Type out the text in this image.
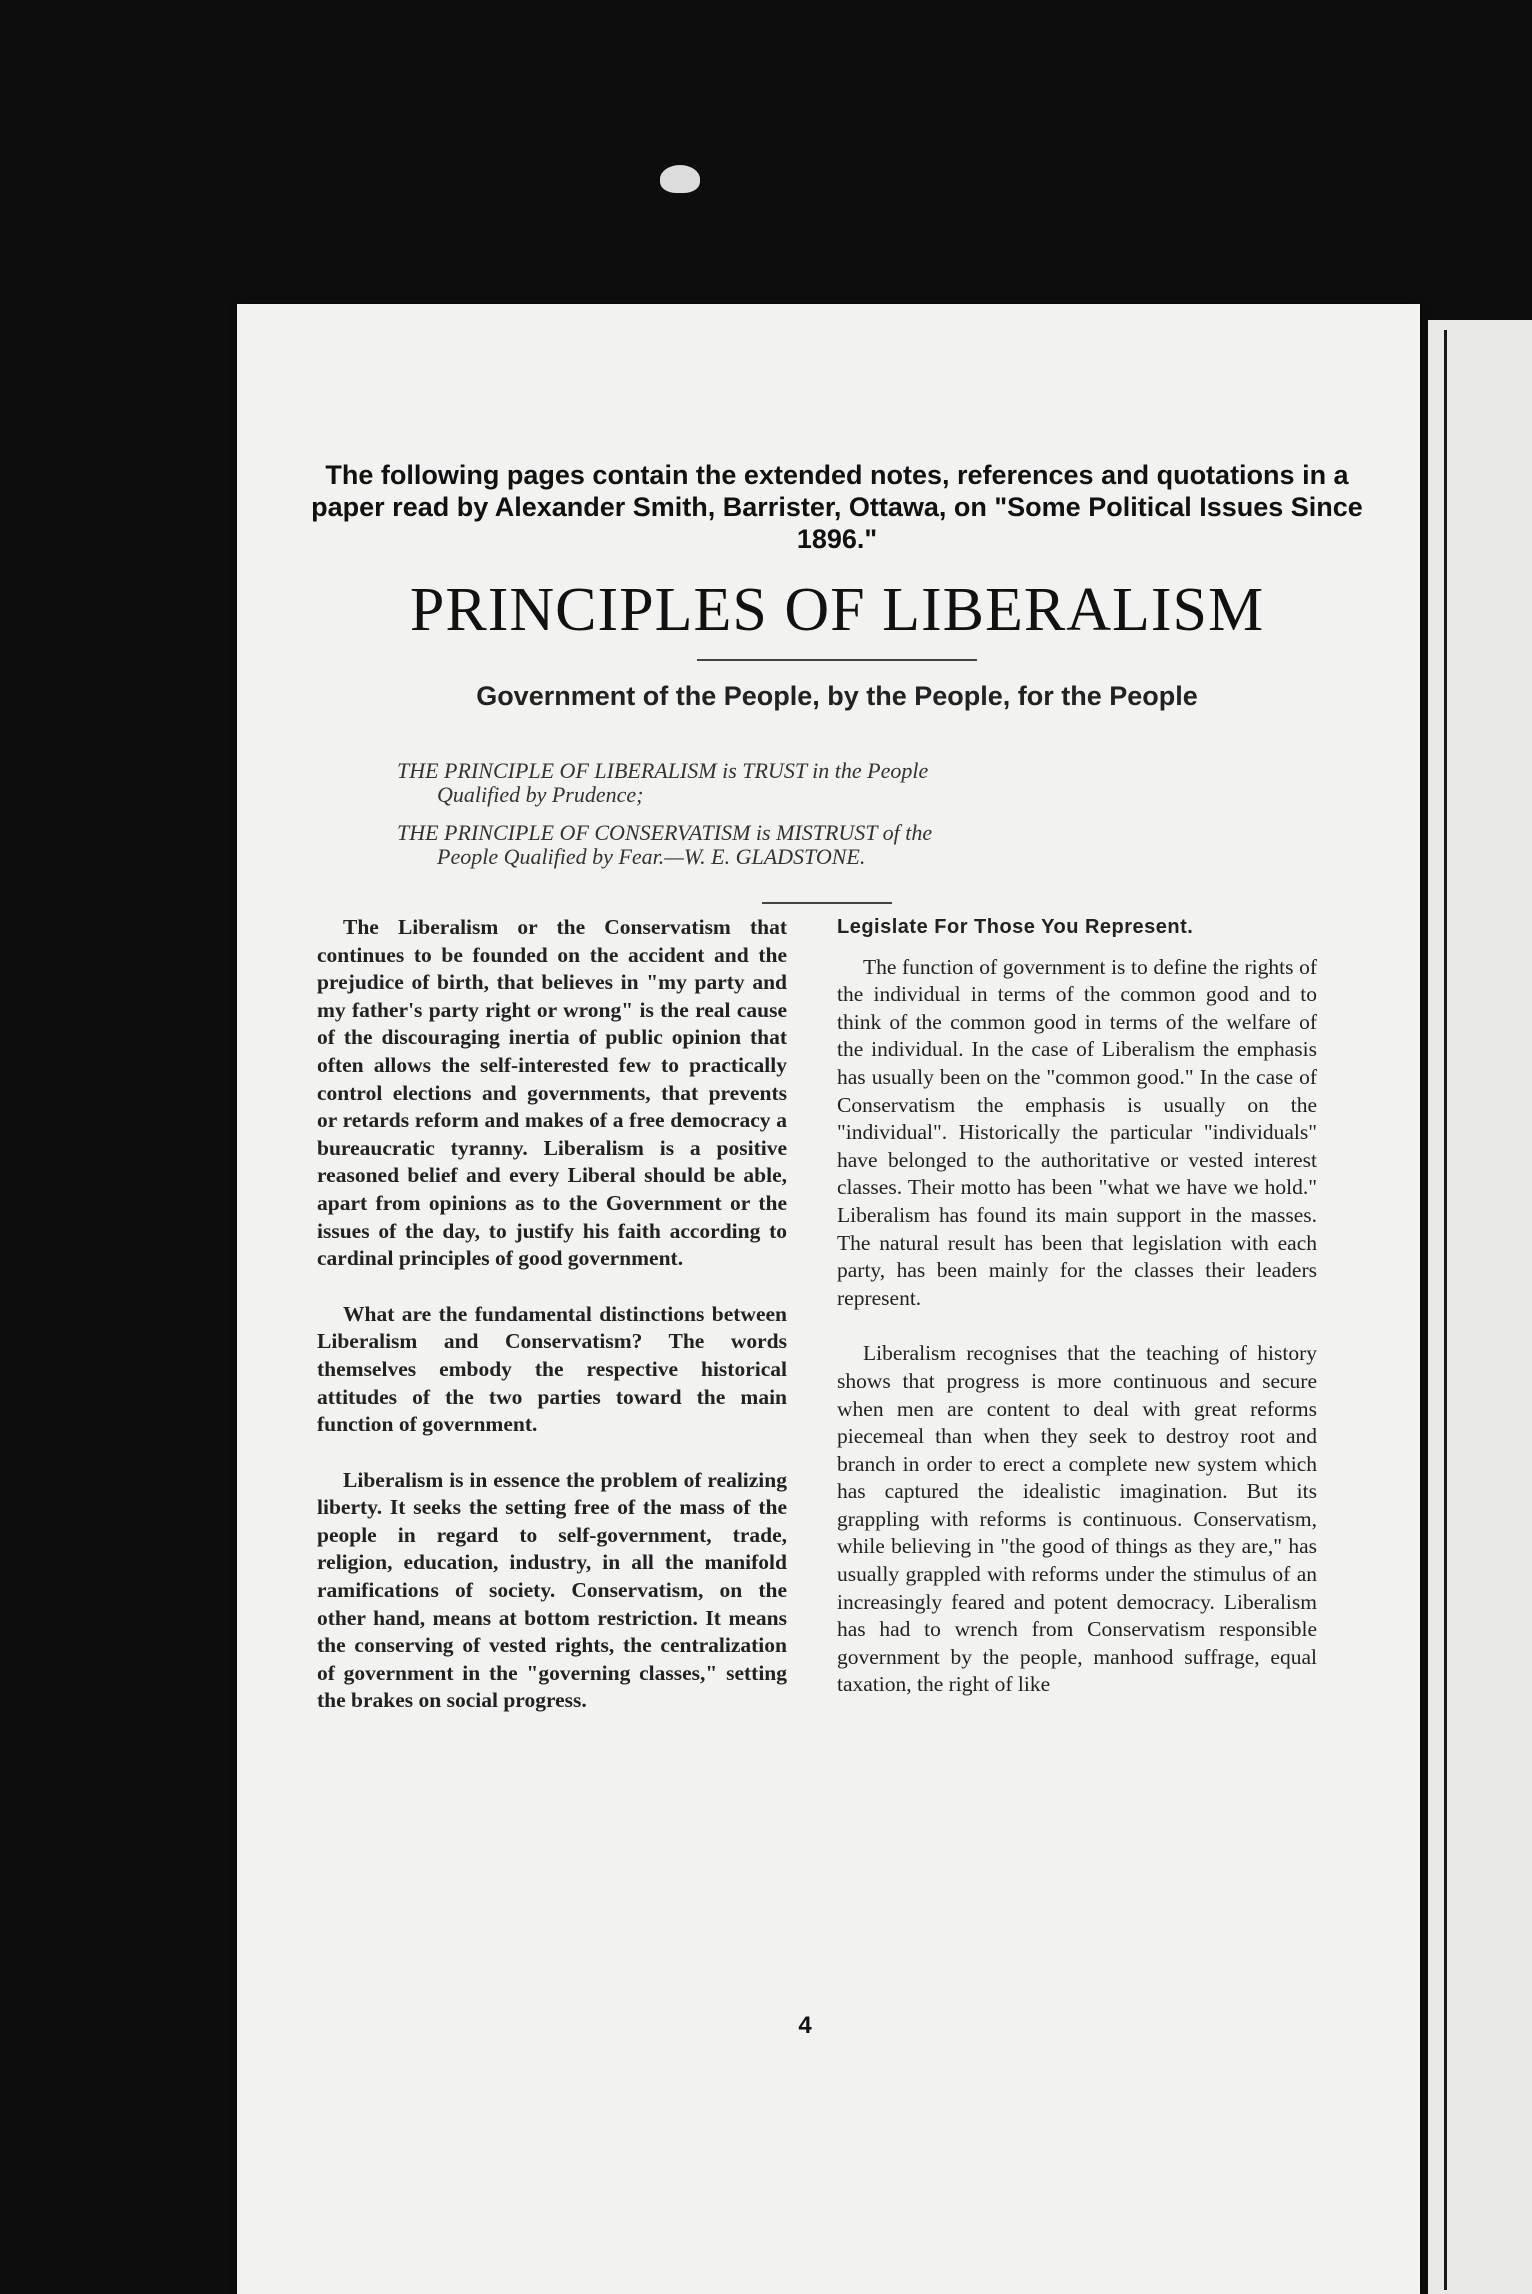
The following pages contain the extended notes, references and quotations in a paper read by Alexander Smith, Barrister, Ottawa, on "Some Political Issues Since 1896."
PRINCIPLES OF LIBERALISM
Government of the People, by the People, for the People
THE PRINCIPLE OF LIBERALISM is TRUST in the People
Qualified by Prudence;
THE PRINCIPLE OF CONSERVATISM is MISTRUST of the
People Qualified by Fear.—W. E. GLADSTONE.

The Liberalism or the Conservatism that continues to be founded on the accident and the prejudice of birth, that believes in "my party and my father's party right or wrong" is the real cause of the discouraging inertia of public opinion that often allows the self-interested few to practically control elections and governments, that prevents or retards reform and makes of a free democracy a bureaucratic tyranny. Liberalism is a positive reasoned belief and every Liberal should be able, apart from opinions as to the Government or the issues of the day, to justify his faith according to cardinal principles of good government.

What are the fundamental distinctions between Liberalism and Conservatism? The words themselves embody the respective historical attitudes of the two parties toward the main function of government.

Liberalism is in essence the problem of realizing liberty. It seeks the setting free of the mass of the people in regard to self-government, trade, religion, education, industry, in all the manifold ramifications of society. Conservatism, on the other hand, means at bottom restriction. It means the conserving of vested rights, the centralization of government in the "governing classes," setting the brakes on social progress.

Legislate For Those You Represent.

The function of government is to define the rights of the individual in terms of the common good and to think of the common good in terms of the welfare of the individual. In the case of Liberalism the emphasis has usually been on the "common good." In the case of Conservatism the emphasis is usually on the "individual". Historically the particular "individuals" have belonged to the authoritative or vested interest classes. Their motto has been "what we have we hold." Liberalism has found its main support in the masses. The natural result has been that legislation with each party, has been mainly for the classes their leaders represent.

Liberalism recognises that the teaching of history shows that progress is more continuous and secure when men are content to deal with great reforms piecemeal than when they seek to destroy root and branch in order to erect a complete new system which has captured the idealistic imagination. But its grappling with reforms is continuous. Conservatism, while believing in "the good of things as they are," has usually grappled with reforms under the stimulus of an increasingly feared and potent democracy. Liberalism has had to wrench from Conservatism responsible government by the people, manhood suffrage, equal taxation, the right of like

4
